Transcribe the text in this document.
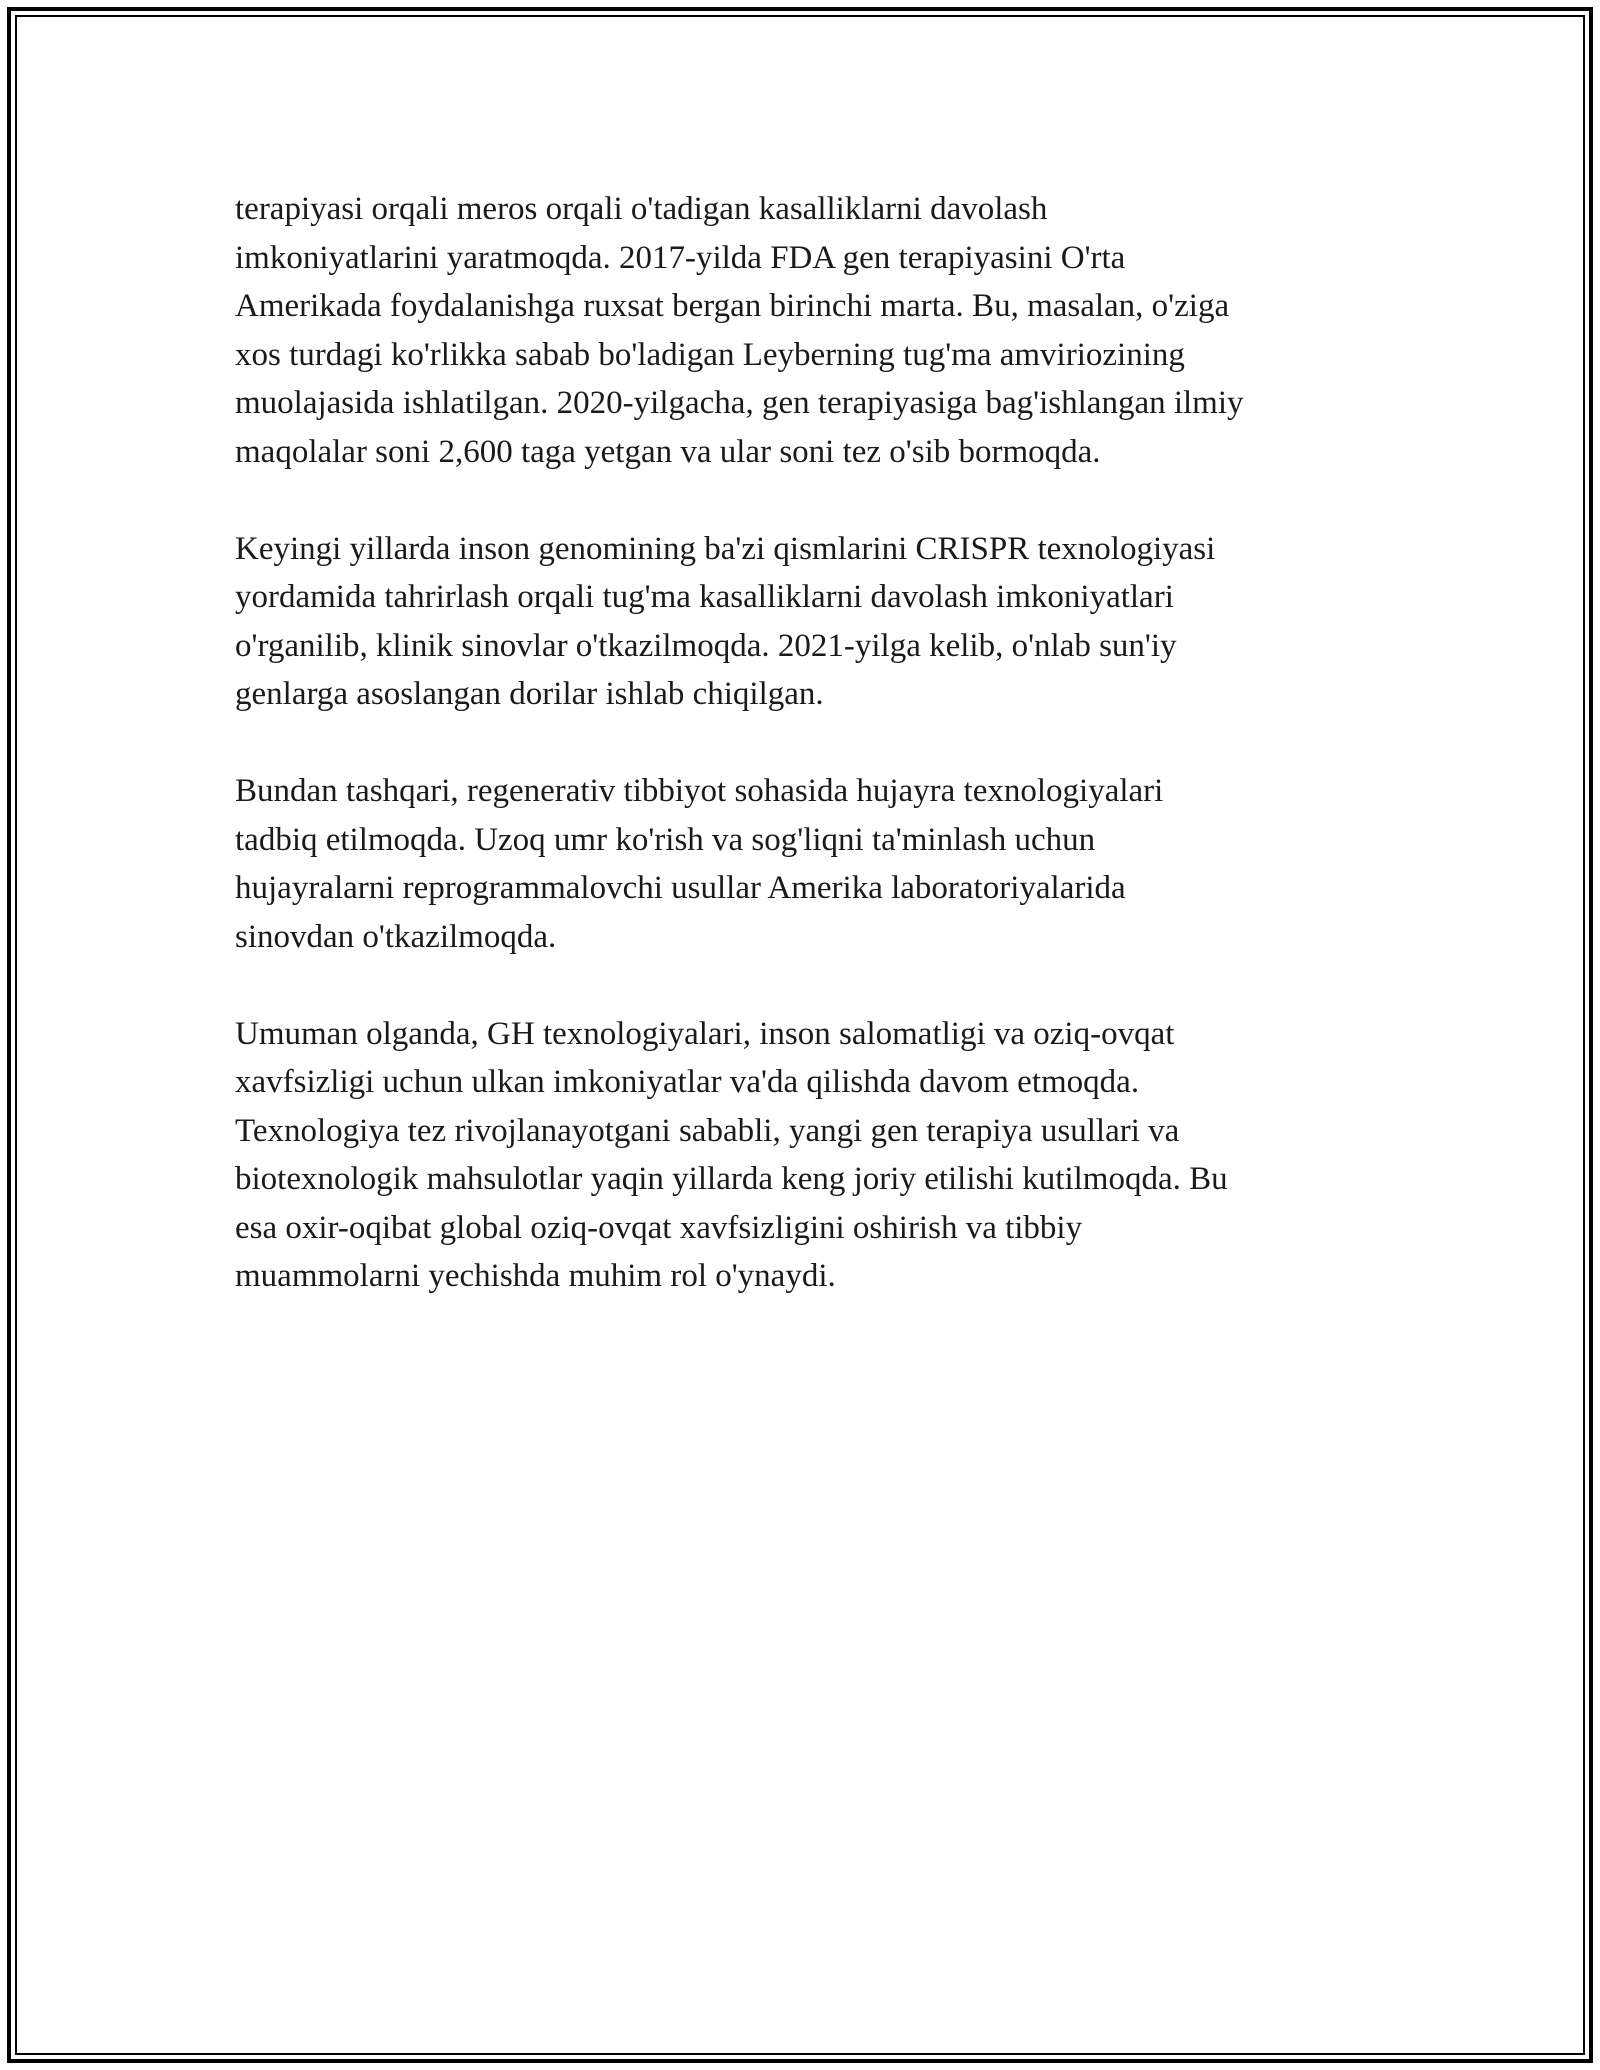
terapiyasi orqali meros orqali o'tadigan kasalliklarni davolash
imkoniyatlarini yaratmoqda. 2017-yilda FDA gen terapiyasini O'rta
Amerikada foydalanishga ruxsat bergan birinchi marta. Bu, masalan, o'ziga
xos turdagi ko'rlikka sabab bo'ladigan Leyberning tug'ma amviriozining
muolajasida ishlatilgan. 2020-yilgacha, gen terapiyasiga bag'ishlangan ilmiy
maqolalar soni 2,600 taga yetgan va ular soni tez o'sib bormoqda.

Keyingi yillarda inson genomining ba'zi qismlarini CRISPR texnologiyasi
yordamida tahrirlash orqali tug'ma kasalliklarni davolash imkoniyatlari
o'rganilib, klinik sinovlar o'tkazilmoqda. 2021-yilga kelib, o'nlab sun'iy
genlarga asoslangan dorilar ishlab chiqilgan.

Bundan tashqari, regenerativ tibbiyot sohasida hujayra texnologiyalari
tadbiq etilmoqda. Uzoq umr ko'rish va sog'liqni ta'minlash uchun
hujayralarni reprogrammalovchi usullar Amerika laboratoriyalarida
sinovdan o'tkazilmoqda.

Umuman olganda, GH texnologiyalari, inson salomatligi va oziq-ovqat
xavfsizligi uchun ulkan imkoniyatlar va'da qilishda davom etmoqda.
Texnologiya tez rivojlanayotgani sababli, yangi gen terapiya usullari va
biotexnologik mahsulotlar yaqin yillarda keng joriy etilishi kutilmoqda. Bu
esa oxir-oqibat global oziq-ovqat xavfsizligini oshirish va tibbiy
muammolarni yechishda muhim rol o'ynaydi.
